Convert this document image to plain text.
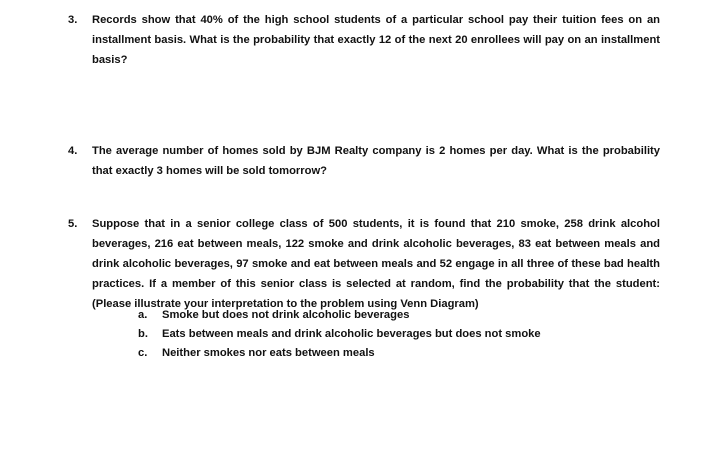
3.	Records show that 40% of the high school students of a particular school pay their tuition fees on an installment basis. What is the probability that exactly 12 of the next 20 enrollees will pay on an installment basis?
4.	The average number of homes sold by BJM Realty company is 2 homes per day. What is the probability that exactly 3 homes will be sold tomorrow?
5.	Suppose that in a senior college class of 500 students, it is found that 210 smoke, 258 drink alcohol beverages, 216 eat between meals, 122 smoke and drink alcoholic beverages, 83 eat between meals and drink alcoholic beverages, 97 smoke and eat between meals and 52 engage in all three of these bad health practices. If a member of this senior class is selected at random, find the probability that the student: (Please illustrate your interpretation to the problem using Venn Diagram)
a. Smoke but does not drink alcoholic beverages
b. Eats between meals and drink alcoholic beverages but does not smoke
c. Neither smokes nor eats between meals
